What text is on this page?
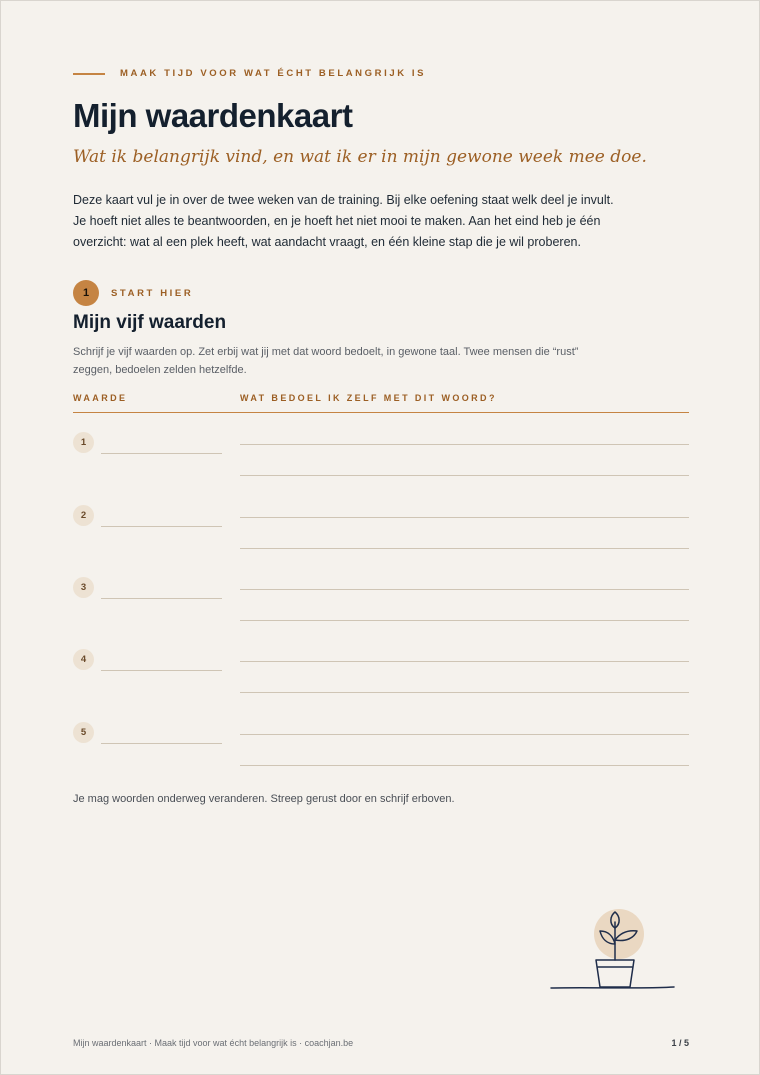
MAAK TIJD VOOR WAT ÉCHT BELANGRIJK IS
Mijn waardenkaart

Wat ik belangrijk vind, en wat ik er in mijn gewone week mee doe.

Deze kaart vul je in over de twee weken van de training. Bij elke oefening staat welk deel je invult.
Je hoeft niet alles te beantwoorden, en je hoeft het niet mooi te maken. Aan het eind heb je één
overzicht: wat al een plek heeft, wat aandacht vraagt, en één kleine stap die je wil proberen.

1	START HIER
Mijn vijf waarden

Schrijf je vijf waarden op. Zet erbij wat jij met dat woord bedoelt, in gewone taal. Twee mensen die “rust”
zeggen, bedoelen zelden hetzelfde.

WAARDE	WAT BEDOEL IK ZELF MET DIT WOORD?
1
2
3
4
5

Je mag woorden onderweg veranderen. Streep gerust door en schrijf erboven.

Mijn waardenkaart · Maak tijd voor wat écht belangrijk is · coachjan.be	1 / 5
